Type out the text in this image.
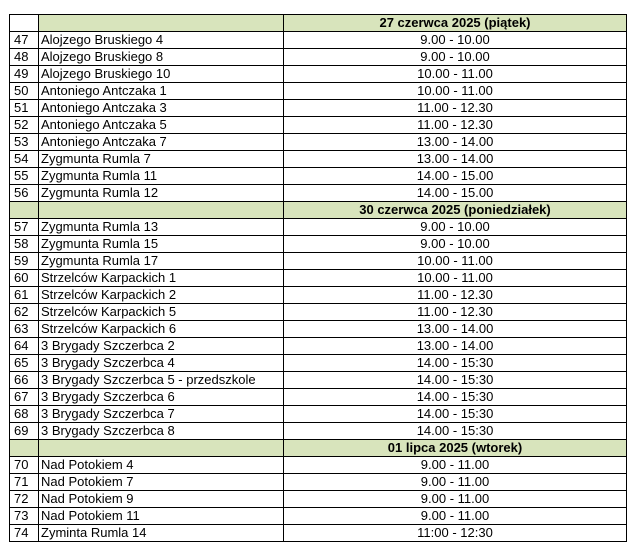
		27 czerwca 2025 (piątek)
47	Alojzego Bruskiego 4	9.00 - 10.00
48	Alojzego Bruskiego 8	9.00 - 10.00
49	Alojzego Bruskiego 10	10.00 - 11.00
50	Antoniego Antczaka 1	10.00 - 11.00
51	Antoniego Antczaka 3	11.00 - 12.30
52	Antoniego Antczaka 5	11.00 - 12.30
53	Antoniego Antczaka 7	13.00 - 14.00
54	Zygmunta Rumla 7	13.00 - 14.00
55	Zygmunta Rumla 11	14.00 - 15.00
56	Zygmunta Rumla 12	14.00 - 15.00
		30 czerwca 2025 (poniedziałek)
57	Zygmunta Rumla 13	9.00 - 10.00
58	Zygmunta Rumla 15	9.00 - 10.00
59	Zygmunta Rumla 17	10.00 - 11.00
60	Strzelców Karpackich 1	10.00 - 11.00
61	Strzelców Karpackich 2	11.00 - 12.30
62	Strzelców Karpackich 5	11.00 - 12.30
63	Strzelców Karpackich 6	13.00 - 14.00
64	3 Brygady Szczerbca 2	13.00 - 14.00
65	3 Brygady Szczerbca 4	14.00 - 15:30
66	3 Brygady Szczerbca 5 - przedszkole	14.00 - 15:30
67	3 Brygady Szczerbca 6	14.00 - 15:30
68	3 Brygady Szczerbca 7	14.00 - 15:30
69	3 Brygady Szczerbca 8	14.00 - 15:30
		01 lipca 2025 (wtorek)
70	Nad Potokiem 4	9.00 - 11.00
71	Nad Potokiem 7	9.00 - 11.00
72	Nad Potokiem 9	9.00 - 11.00
73	Nad Potokiem 11	9.00 - 11.00
74	Zyminta Rumla 14	11:00 - 12:30
